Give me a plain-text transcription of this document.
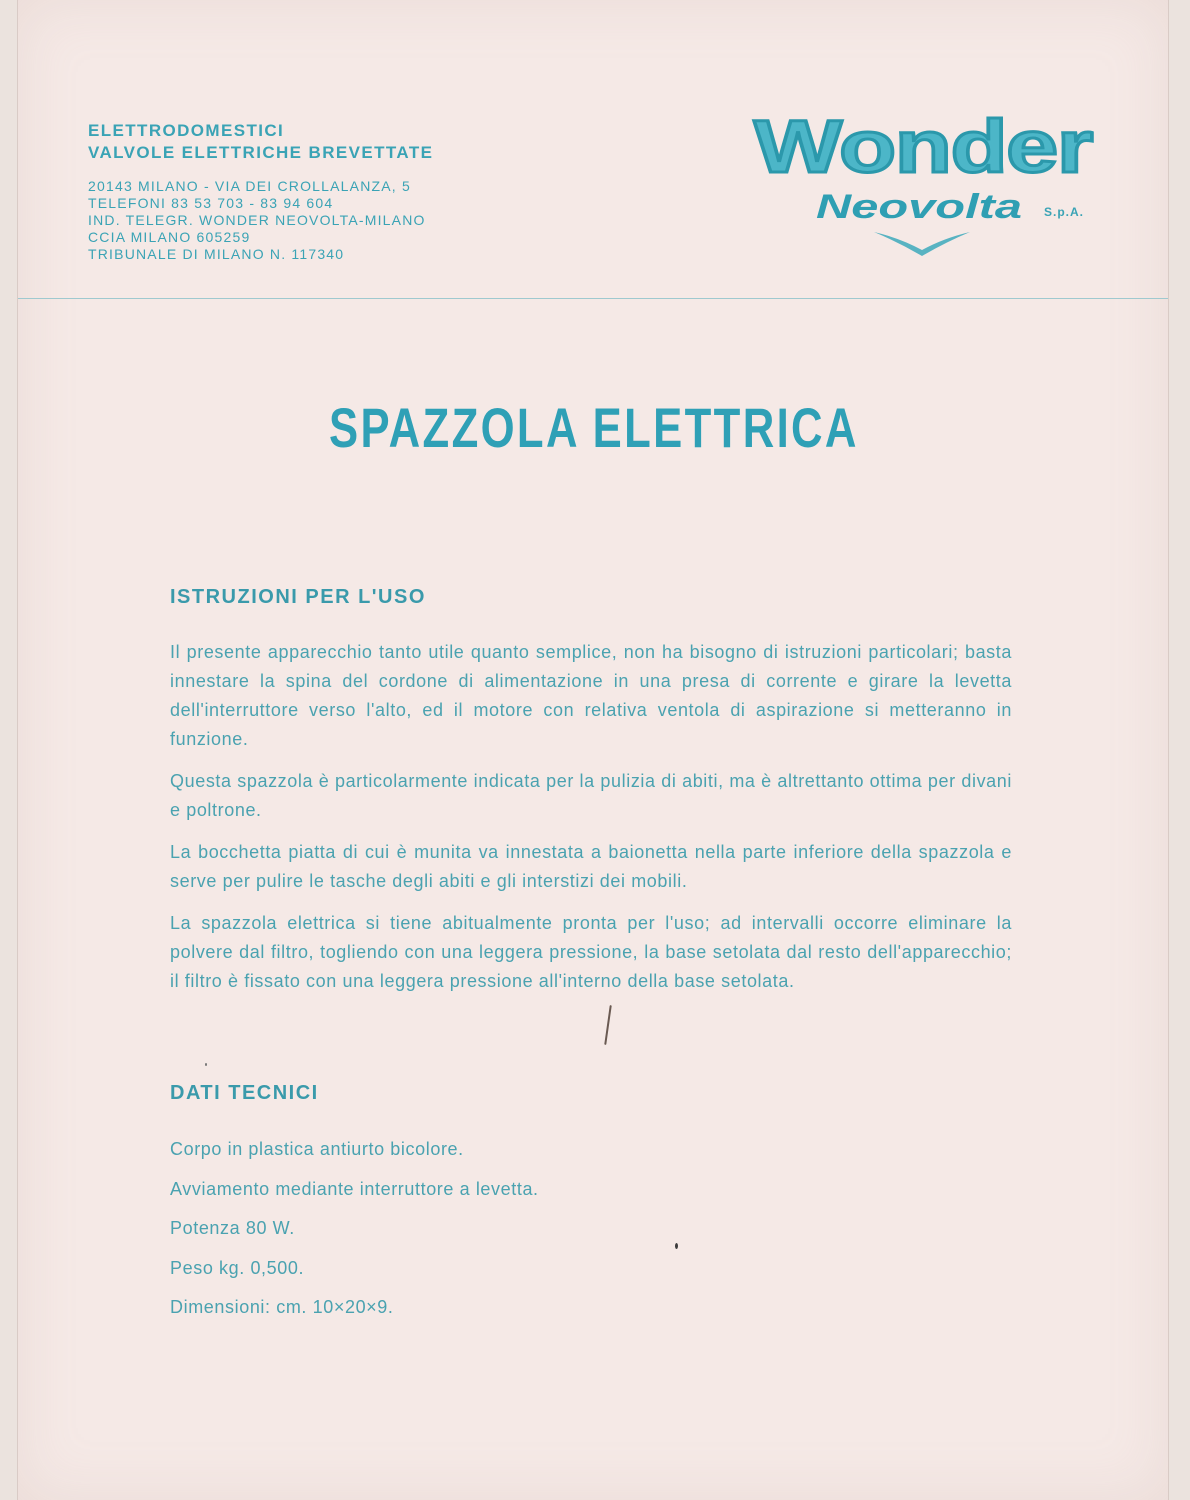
ELETTRODOMESTICI
VALVOLE ELETTRICHE BREVETTATE
20143 MILANO - VIA DEI CROLLALANZA, 5
TELEFONI 83 53 703 - 83 94 604
IND. TELEGR. WONDER NEOVOLTA-MILANO
CCIA MILANO 605259
TRIBUNALE DI MILANO N. 117340
Wonder
Neovolta S.p.A.
SPAZZOLA ELETTRICA
ISTRUZIONI PER L'USO

Il presente apparecchio tanto utile quanto semplice, non ha bisogno di istruzioni particolari; basta innestare la spina del cordone di alimentazione in una presa di corrente e girare la levetta dell'interruttore verso l'alto, ed il motore con relativa ventola di aspirazione si metteranno in funzione.

Questa spazzola è particolarmente indicata per la pulizia di abiti, ma è altrettanto ottima per divani e poltrone.

La bocchetta piatta di cui è munita va innestata a baionetta nella parte inferiore della spazzola e serve per pulire le tasche degli abiti e gli interstizi dei mobili.

La spazzola elettrica si tiene abitualmente pronta per l'uso; ad intervalli occorre eliminare la polvere dal filtro, togliendo con una leggera pressione, la base setolata dal resto dell'apparecchio; il filtro è fissato con una leggera pressione all'interno della base setolata.

DATI TECNICI
Corpo in plastica antiurto bicolore.
Avviamento mediante interruttore a levetta.
Potenza 80 W.
Peso kg. 0,500.
Dimensioni: cm. 10×20×9.
